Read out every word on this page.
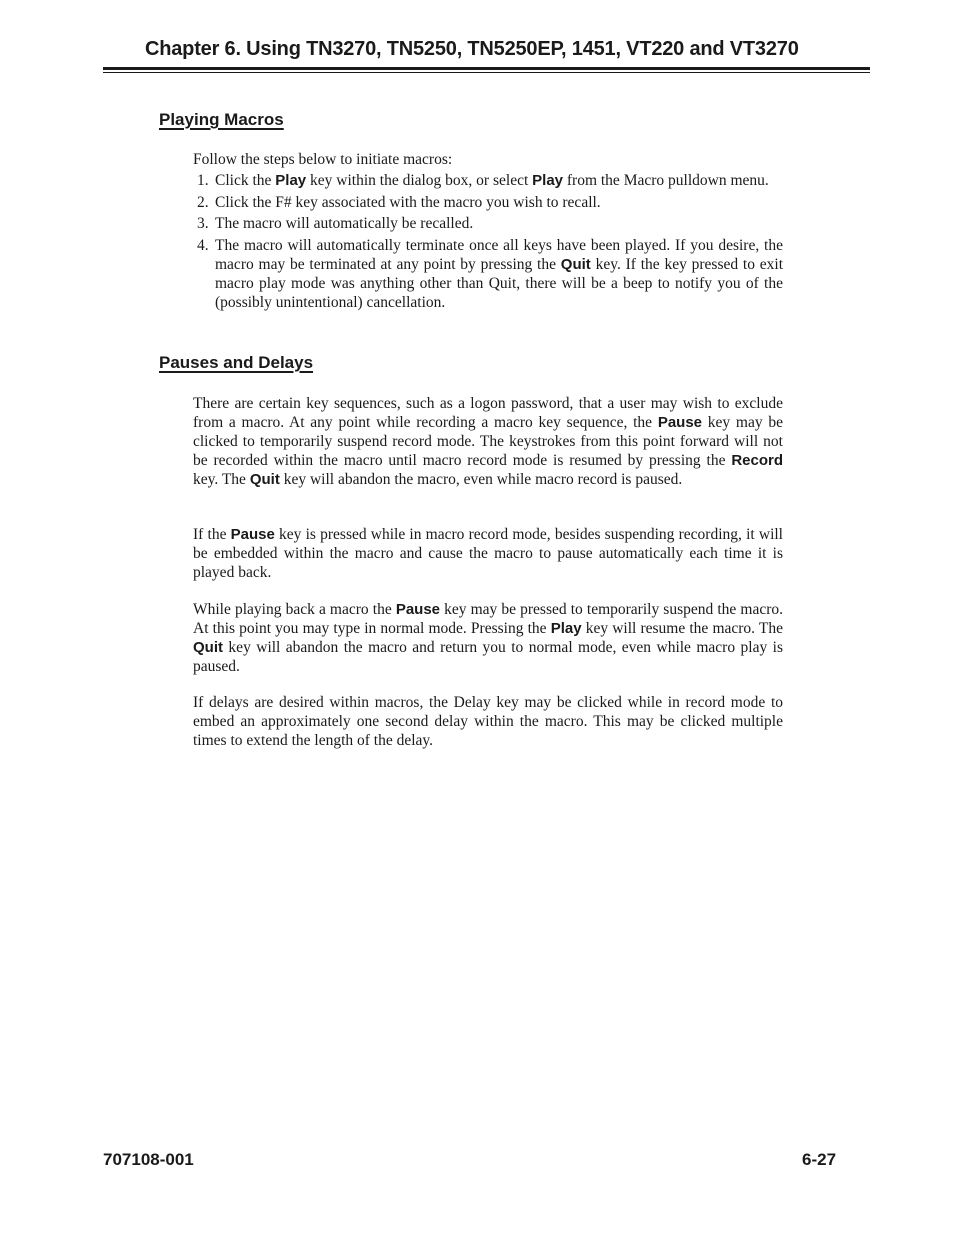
Chapter 6. Using TN3270, TN5250, TN5250EP, 1451, VT220 and VT3270
Playing Macros
Follow the steps below to initiate macros:
1. Click the Play key within the dialog box, or select Play from the Macro pulldown menu.
2. Click the F# key associated with the macro you wish to recall.
3. The macro will automatically be recalled.
4. The macro will automatically terminate once all keys have been played. If you desire, the macro may be terminated at any point by pressing the Quit key. If the key pressed to exit macro play mode was anything other than Quit, there will be a beep to notify you of the (possibly unintentional) cancellation.
Pauses and Delays
There are certain key sequences, such as a logon password, that a user may wish to exclude from a macro. At any point while recording a macro key sequence, the Pause key may be clicked to temporarily suspend record mode. The keystrokes from this point forward will not be recorded within the macro until macro record mode is resumed by pressing the Record key. The Quit key will abandon the macro, even while macro record is paused.
If the Pause key is pressed while in macro record mode, besides suspending recording, it will be embedded within the macro and cause the macro to pause automatically each time it is played back.
While playing back a macro the Pause key may be pressed to temporarily suspend the macro. At this point you may type in normal mode. Pressing the Play key will resume the macro. The Quit key will abandon the macro and return you to normal mode, even while macro play is paused.
If delays are desired within macros, the Delay key may be clicked while in record mode to embed an approximately one second delay within the macro. This may be clicked multiple times to extend the length of the delay.
707108-001	6-27
